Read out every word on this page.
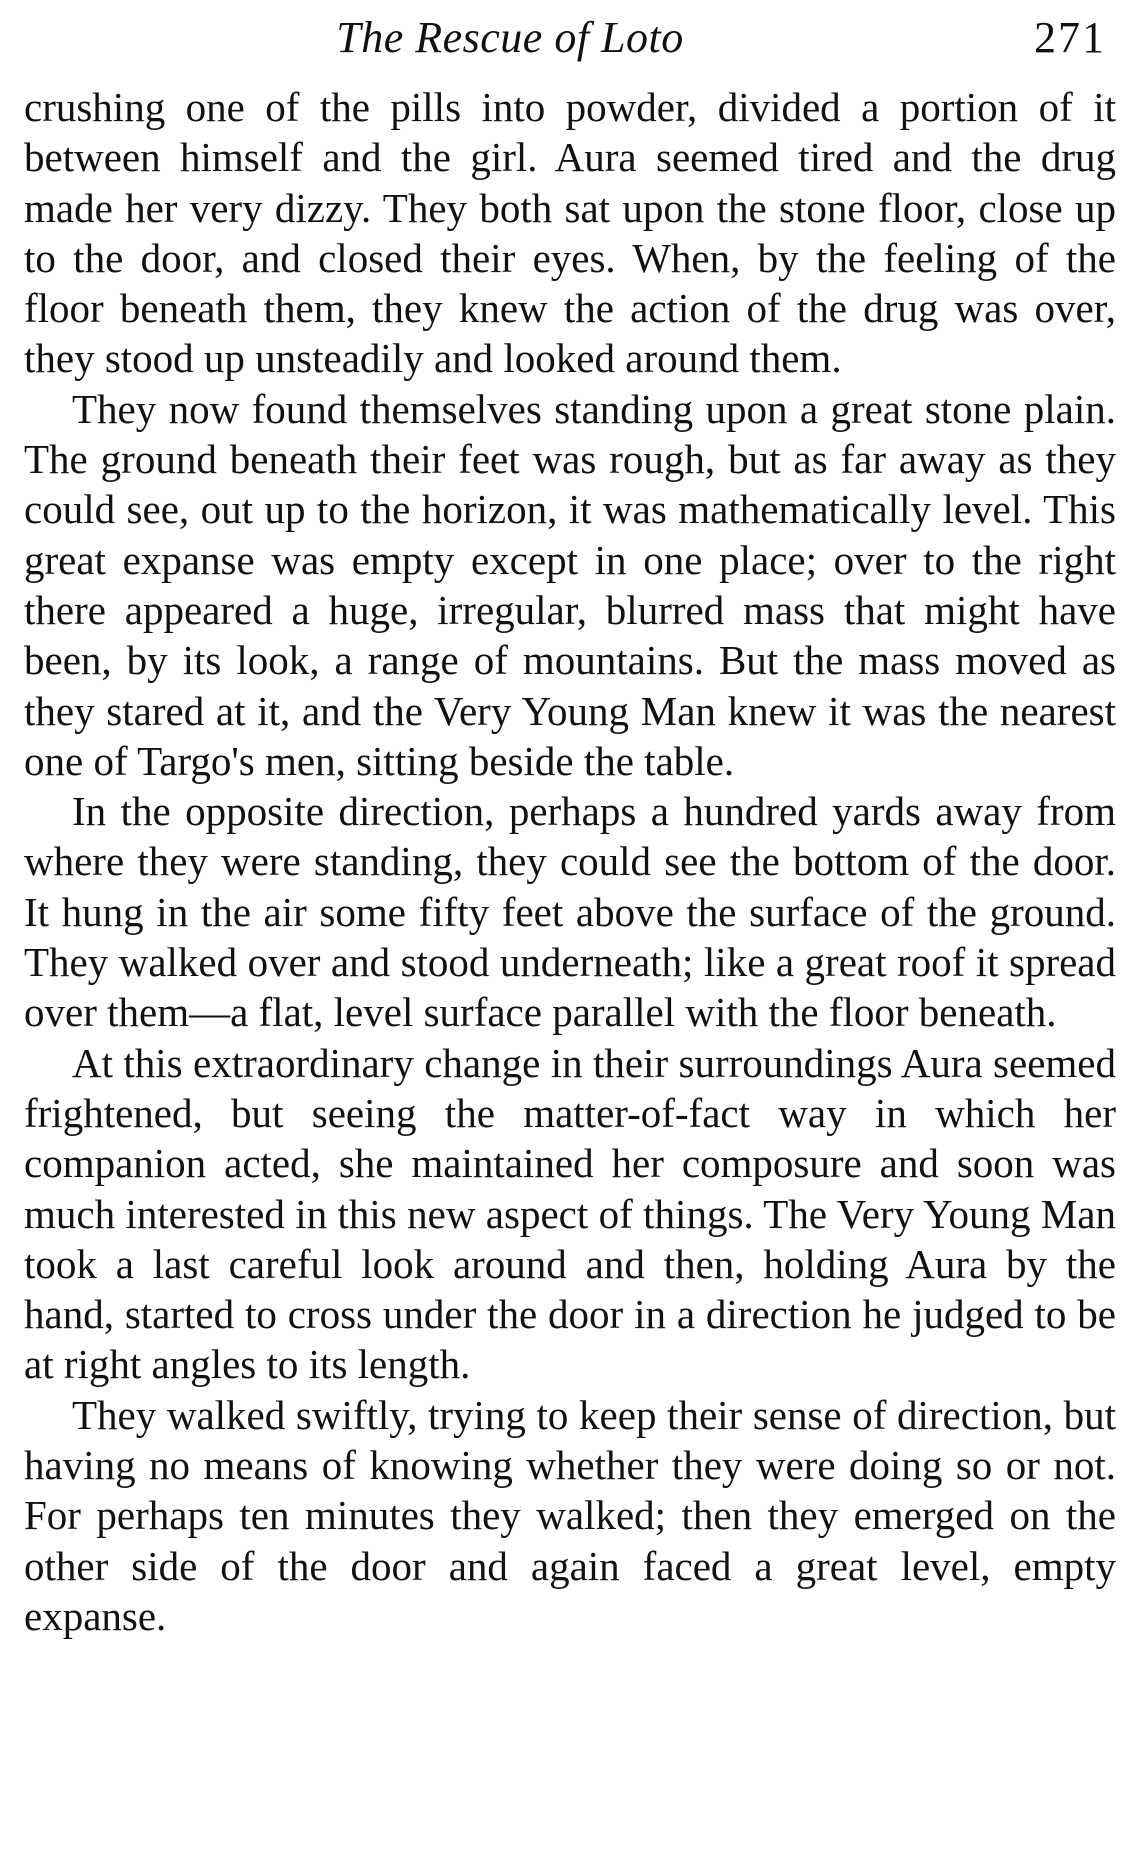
The Rescue of Loto	271

crushing one of the pills into powder, divided a portion of it between himself and the girl. Aura seemed tired and the drug made her very dizzy. They both sat upon the stone floor, close up to the door, and closed their eyes. When, by the feeling of the floor beneath them, they knew the action of the drug was over, they stood up unsteadily and looked around them.

They now found themselves standing upon a great stone plain. The ground beneath their feet was rough, but as far away as they could see, out up to the horizon, it was mathematically level. This great expanse was empty except in one place; over to the right there appeared a huge, irregular, blurred mass that might have been, by its look, a range of mountains. But the mass moved as they stared at it, and the Very Young Man knew it was the nearest one of Targo's men, sitting beside the table.

In the opposite direction, perhaps a hundred yards away from where they were standing, they could see the bottom of the door. It hung in the air some fifty feet above the surface of the ground. They walked over and stood underneath; like a great roof it spread over them—a flat, level surface parallel with the floor beneath.

At this extraordinary change in their surroundings Aura seemed frightened, but seeing the matter-of-fact way in which her companion acted, she maintained her composure and soon was much interested in this new aspect of things. The Very Young Man took a last careful look around and then, holding Aura by the hand, started to cross under the door in a direction he judged to be at right angles to its length.

They walked swiftly, trying to keep their sense of direction, but having no means of knowing whether they were doing so or not. For perhaps ten minutes they walked; then they emerged on the other side of the door and again faced a great level, empty expanse.
